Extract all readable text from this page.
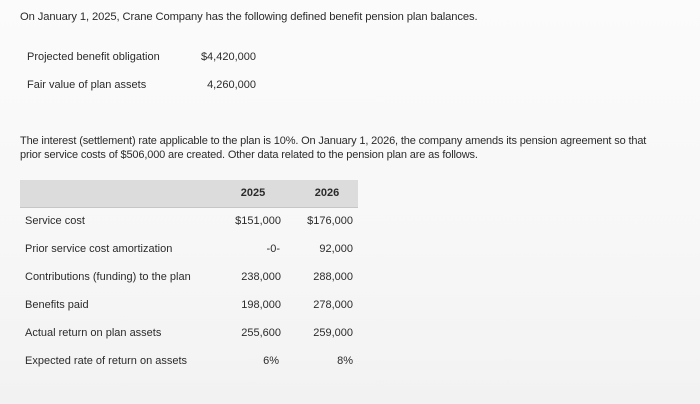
On January 1, 2025, Crane Company has the following defined benefit pension plan balances.
Projected benefit obligation	$4,420,000
Fair value of plan assets	4,260,000

The interest (settlement) rate applicable to the plan is 10%. On January 1, 2026, the company amends its pension agreement so that

prior service costs of $506,000 are created. Other data related to the pension plan are as follows.

2025	2026
Service cost	$151,000 $176,000
Prior service cost amortization	-0-	92,000
Contributions (funding) to the plan	238,000	288,000
Benefits paid	198,000	278,000
Actual return on plan assets	255,600	259,000
Expected rate of return on assets	6%	8%
